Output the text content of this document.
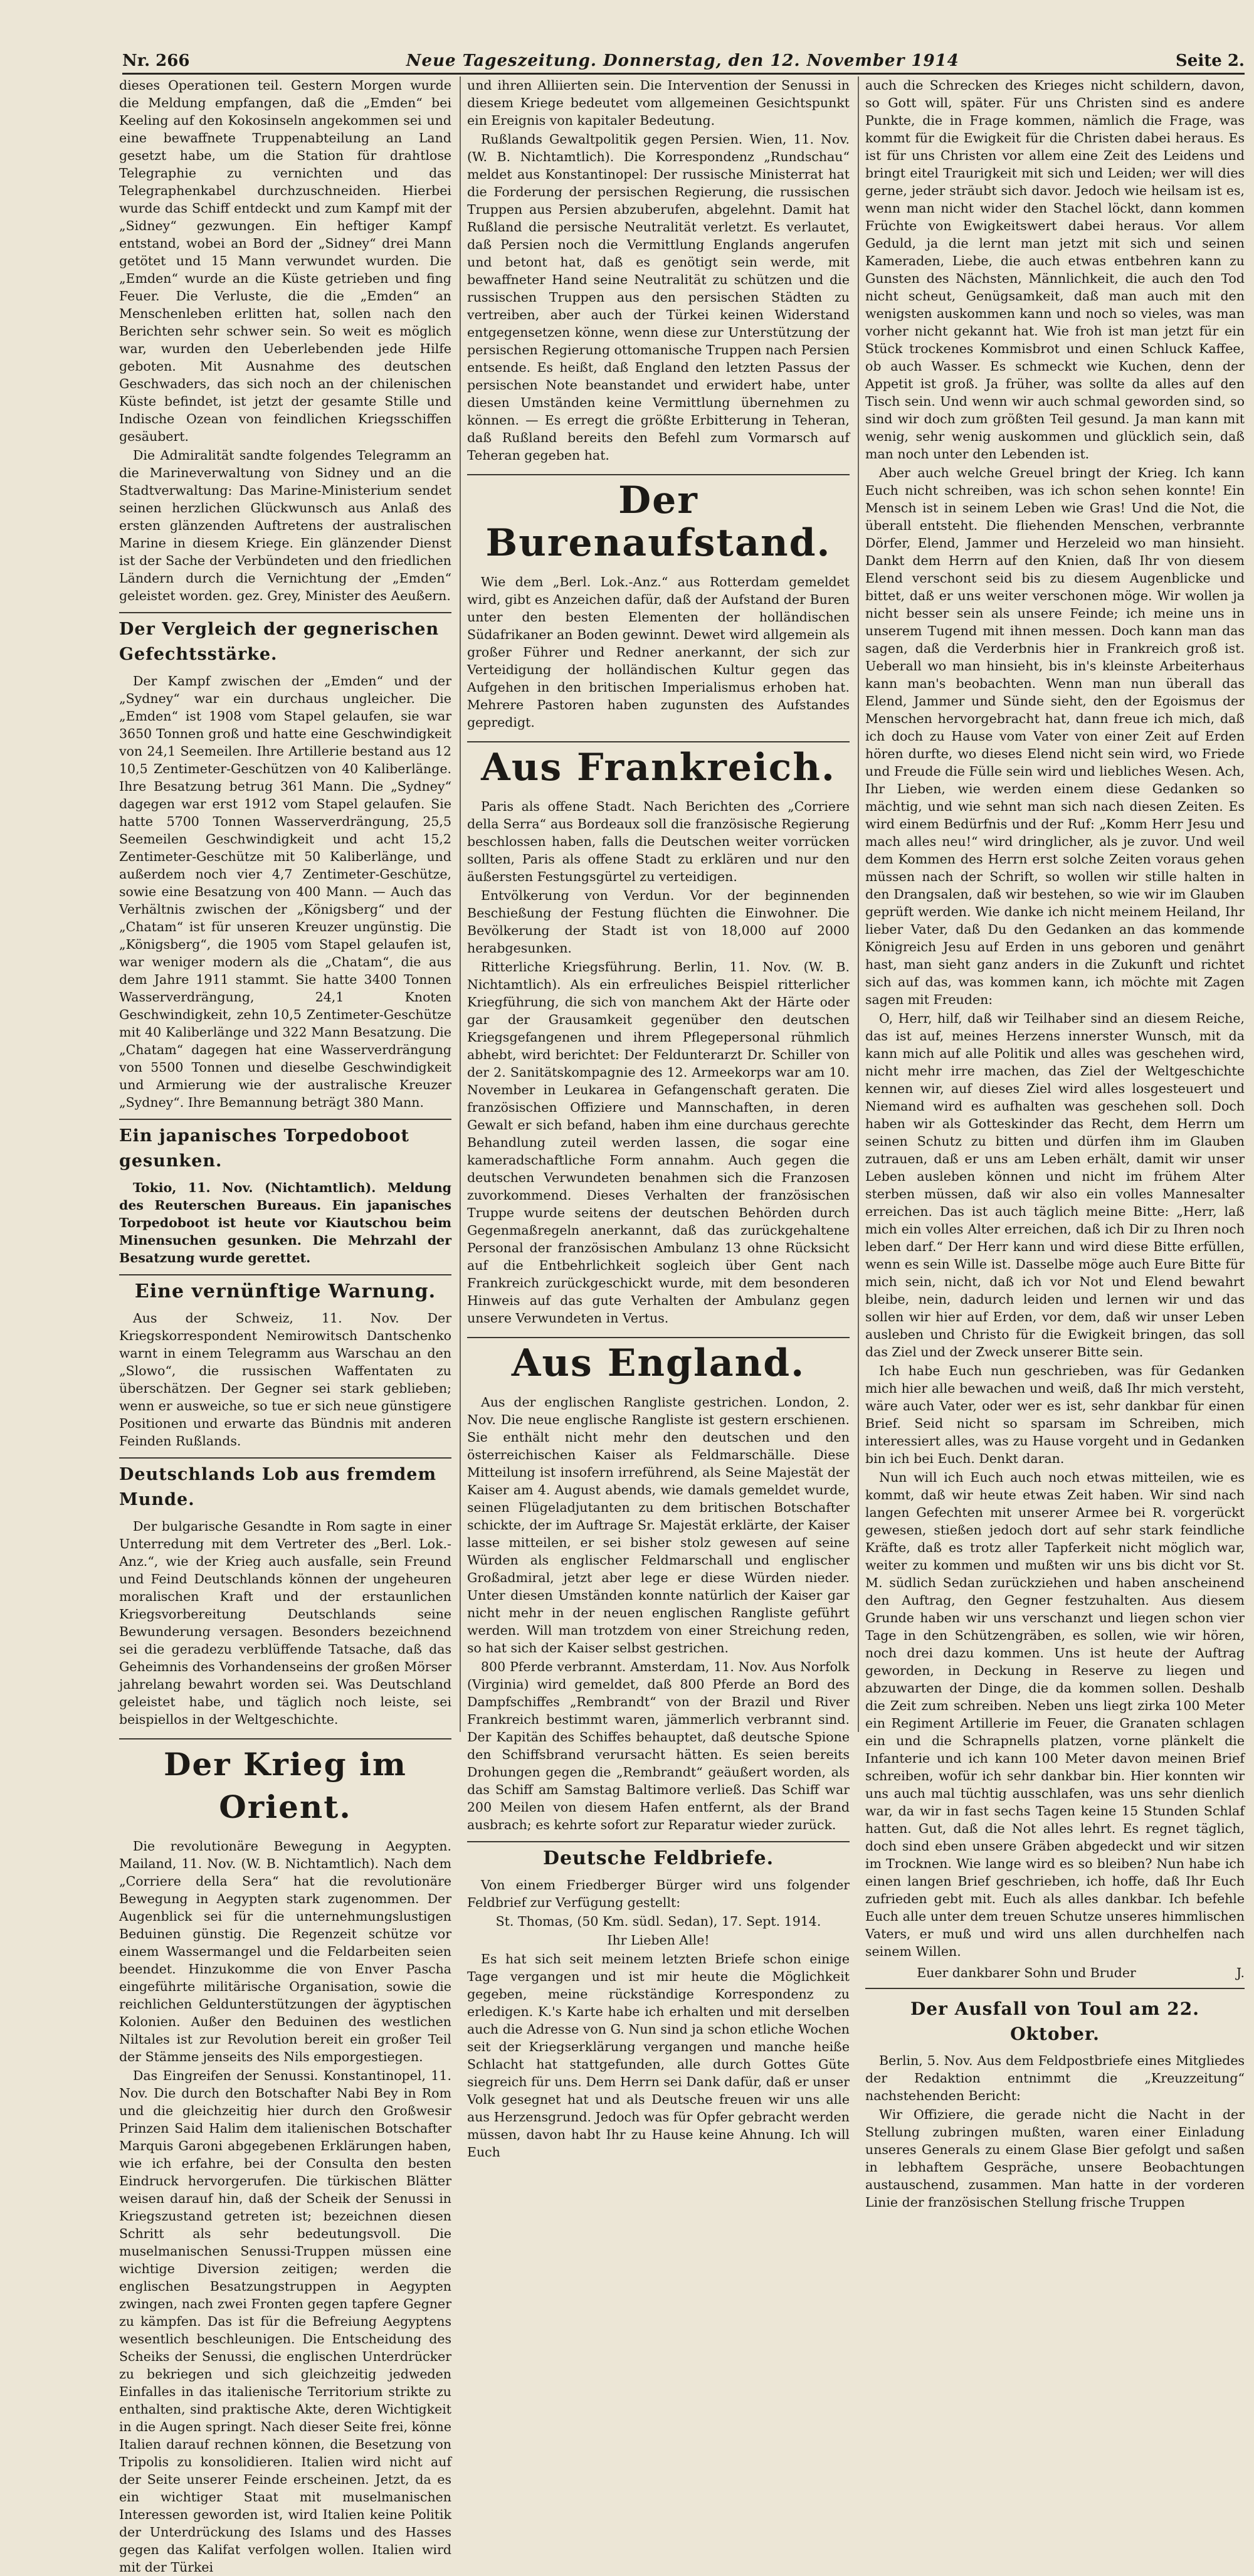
Nr. 266	Neue Tageszeitung. Donnerstag, den 12. November 1914	Seite 2.

dieses Operationen teil. Gestern Morgen wurde die Meldung empfangen, daß die „Emden“ bei Keeling auf den Kokosinseln angekommen sei und eine bewaffnete Truppenabteilung an Land gesetzt habe, um die Station für drahtlose Telegraphie zu vernichten und das Telegraphenkabel durchzuschneiden. Hierbei wurde das Schiff entdeckt und zum Kampf mit der „Sidney“ gezwungen. Ein heftiger Kampf entstand, wobei an Bord der „Sidney“ drei Mann getötet und 15 Mann verwundet wurden. Die „Emden“ wurde an die Küste getrieben und fing Feuer. Die Verluste, die die „Emden“ an Menschenleben erlitten hat, sollen nach den Berichten sehr schwer sein. So weit es möglich war, wurden den Ueberlebenden jede Hilfe geboten. Mit Ausnahme des deutschen Geschwaders, das sich noch an der chilenischen Küste befindet, ist jetzt der gesamte Stille und Indische Ozean von feindlichen Kriegsschiffen gesäubert.

Die Admiralität sandte folgendes Telegramm an die Marineverwaltung von Sidney und an die Stadtverwaltung: Das Marine-Ministerium sendet seinen herzlichen Glückwunsch aus Anlaß des ersten glänzenden Auftretens der australischen Marine in diesem Kriege. Ein glänzender Dienst ist der Sache der Verbündeten und den friedlichen Ländern durch die Vernichtung der „Emden“ geleistet worden. gez. Grey, Minister des Aeußern.

Der Vergleich der gegnerischen Gefechtsstärke.

Der Kampf zwischen der „Emden“ und der „Sydney“ war ein durchaus ungleicher. Die „Emden“ ist 1908 vom Stapel gelaufen, sie war 3650 Tonnen groß und hatte eine Geschwindigkeit von 24,1 Seemeilen. Ihre Artillerie bestand aus 12 10,5 Zentimeter-Geschützen von 40 Kaliberlänge. Ihre Besatzung betrug 361 Mann. Die „Sydney“ dagegen war erst 1912 vom Stapel gelaufen. Sie hatte 5700 Tonnen Wasserverdrängung, 25,5 Seemeilen Geschwindigkeit und acht 15,2 Zentimeter-Geschütze mit 50 Kaliberlänge, und außerdem noch vier 4,7 Zentimeter-Geschütze, sowie eine Besatzung von 400 Mann. — Auch das Verhältnis zwischen der „Königsberg“ und der „Chatam“ ist für unseren Kreuzer ungünstig. Die „Königsberg“, die 1905 vom Stapel gelaufen ist, war weniger modern als die „Chatam“, die aus dem Jahre 1911 stammt. Sie hatte 3400 Tonnen Wasserverdrängung, 24,1 Knoten Geschwindigkeit, zehn 10,5 Zentimeter-Geschütze mit 40 Kaliberlänge und 322 Mann Besatzung. Die „Chatam“ dagegen hat eine Wasserverdrängung von 5500 Tonnen und dieselbe Geschwindigkeit und Armierung wie der australische Kreuzer „Sydney“. Ihre Bemannung beträgt 380 Mann.

Ein japanisches Torpedoboot gesunken.

Tokio, 11. Nov. (Nichtamtlich). Meldung des Reuterschen Bureaus. Ein japanisches Torpedoboot ist heute vor Kiautschou beim Minensuchen gesunken. Die Mehrzahl der Besatzung wurde gerettet.

Eine vernünftige Warnung.

Aus der Schweiz, 11. Nov. Der Kriegskorrespondent Nemirowitsch Dantschenko warnt in einem Telegramm aus Warschau an den „Slowo“, die russischen Waffentaten zu überschätzen. Der Gegner sei stark geblieben; wenn er ausweiche, so tue er sich neue günstigere Positionen und erwarte das Bündnis mit anderen Feinden Rußlands.

Deutschlands Lob aus fremdem Munde.

Der bulgarische Gesandte in Rom sagte in einer Unterredung mit dem Vertreter des „Berl. Lok.-Anz.“, wie der Krieg auch ausfalle, sein Freund und Feind Deutschlands können der ungeheuren moralischen Kraft und der erstaunlichen Kriegsvorbereitung Deutschlands seine Bewunderung versagen. Besonders bezeichnend sei die geradezu verblüffende Tatsache, daß das Geheimnis des Vorhandenseins der großen Mörser jahrelang bewahrt worden sei. Was Deutschland geleistet habe, und täglich noch leiste, sei beispiellos in der Weltgeschichte.

Der Krieg im Orient.

Die revolutionäre Bewegung in Aegypten. Mailand, 11. Nov. (W. B. Nichtamtlich). Nach dem „Corriere della Sera“ hat die revolutionäre Bewegung in Aegypten stark zugenommen. Der Augenblick sei für die unternehmungslustigen Beduinen günstig. Die Regenzeit schütze vor einem Wassermangel und die Feldarbeiten seien beendet. Hinzukomme die von Enver Pascha eingeführte militärische Organisation, sowie die reichlichen Geldunterstützungen der ägyptischen Kolonien. Außer den Beduinen des westlichen Niltales ist zur Revolution bereit ein großer Teil der Stämme jenseits des Nils emporgestiegen.

Das Eingreifen der Senussi. Konstantinopel, 11. Nov. Die durch den Botschafter Nabi Bey in Rom und die gleichzeitig hier durch den Großwesir Prinzen Said Halim dem italienischen Botschafter Marquis Garoni abgegebenen Erklärungen haben, wie ich erfahre, bei der Consulta den besten Eindruck hervorgerufen. Die türkischen Blätter weisen darauf hin, daß der Scheik der Senussi in Kriegszustand getreten ist; bezeichnen diesen Schritt als sehr bedeutungsvoll. Die muselmanischen Senussi-Truppen müssen eine wichtige Diversion zeitigen; werden die englischen Besatzungstruppen in Aegypten zwingen, nach zwei Fronten gegen tapfere Gegner zu kämpfen. Das ist für die Befreiung Aegyptens wesentlich beschleunigen. Die Entscheidung des Scheiks der Senussi, die englischen Unterdrücker zu bekriegen und sich gleichzeitig jedweden Einfalles in das italienische Territorium strikte zu enthalten, sind praktische Akte, deren Wichtigkeit in die Augen springt. Nach dieser Seite frei, könne Italien darauf rechnen können, die Besetzung von Tripolis zu konsolidieren. Italien wird nicht auf der Seite unserer Feinde erscheinen. Jetzt, da es ein wichtiger Staat mit muselmanischen Interessen geworden ist, wird Italien keine Politik der Unterdrückung des Islams und des Hasses gegen das Kalifat verfolgen wollen. Italien wird mit der Türkei

und ihren Alliierten sein. Die Intervention der Senussi in diesem Kriege bedeutet vom allgemeinen Gesichtspunkt ein Ereignis von kapitaler Bedeutung.

Rußlands Gewaltpolitik gegen Persien. Wien, 11. Nov. (W. B. Nichtamtlich). Die Korrespondenz „Rundschau“ meldet aus Konstantinopel: Der russische Ministerrat hat die Forderung der persischen Regierung, die russischen Truppen aus Persien abzuberufen, abgelehnt. Damit hat Rußland die persische Neutralität verletzt. Es verlautet, daß Persien noch die Vermittlung Englands angerufen und betont hat, daß es genötigt sein werde, mit bewaffneter Hand seine Neutralität zu schützen und die russischen Truppen aus den persischen Städten zu vertreiben, aber auch der Türkei keinen Widerstand entgegensetzen könne, wenn diese zur Unterstützung der persischen Regierung ottomanische Truppen nach Persien entsende. Es heißt, daß England den letzten Passus der persischen Note beanstandet und erwidert habe, unter diesen Umständen keine Vermittlung übernehmen zu können. — Es erregt die größte Erbitterung in Teheran, daß Rußland bereits den Befehl zum Vormarsch auf Teheran gegeben hat.

Der Burenaufstand.

Wie dem „Berl. Lok.-Anz.“ aus Rotterdam gemeldet wird, gibt es Anzeichen dafür, daß der Aufstand der Buren unter den besten Elementen der holländischen Südafrikaner an Boden gewinnt. Dewet wird allgemein als großer Führer und Redner anerkannt, der sich zur Verteidigung der holländischen Kultur gegen das Aufgehen in den britischen Imperialismus erhoben hat. Mehrere Pastoren haben zugunsten des Aufstandes gepredigt.

Aus Frankreich.

Paris als offene Stadt. Nach Berichten des „Corriere della Serra“ aus Bordeaux soll die französische Regierung beschlossen haben, falls die Deutschen weiter vorrücken sollten, Paris als offene Stadt zu erklären und nur den äußersten Festungsgürtel zu verteidigen.

Entvölkerung von Verdun. Vor der beginnenden Beschießung der Festung flüchten die Einwohner. Die Bevölkerung der Stadt ist von 18,000 auf 2000 herabgesunken.

Ritterliche Kriegsführung. Berlin, 11. Nov. (W. B. Nichtamtlich). Als ein erfreuliches Beispiel ritterlicher Kriegführung, die sich von manchem Akt der Härte oder gar der Grausamkeit gegenüber den deutschen Kriegsgefangenen und ihrem Pflegepersonal rühmlich abhebt, wird berichtet: Der Feldunterarzt Dr. Schiller von der 2. Sanitätskompagnie des 12. Armeekorps war am 10. November in Leukarea in Gefangenschaft geraten. Die französischen Offiziere und Mannschaften, in deren Gewalt er sich befand, haben ihm eine durchaus gerechte Behandlung zuteil werden lassen, die sogar eine kameradschaftliche Form annahm. Auch gegen die deutschen Verwundeten benahmen sich die Franzosen zuvorkommend. Dieses Verhalten der französischen Truppe wurde seitens der deutschen Behörden durch Gegenmaßregeln anerkannt, daß das zurückgehaltene Personal der französischen Ambulanz 13 ohne Rücksicht auf die Entbehrlichkeit sogleich über Gent nach Frankreich zurückgeschickt wurde, mit dem besonderen Hinweis auf das gute Verhalten der Ambulanz gegen unsere Verwundeten in Vertus.

Aus England.

Aus der englischen Rangliste gestrichen. London, 2. Nov. Die neue englische Rangliste ist gestern erschienen. Sie enthält nicht mehr den deutschen und den österreichischen Kaiser als Feldmarschälle. Diese Mitteilung ist insofern irreführend, als Seine Majestät der Kaiser am 4. August abends, wie damals gemeldet wurde, seinen Flügeladjutanten zu dem britischen Botschafter schickte, der im Auftrage Sr. Majestät erklärte, der Kaiser lasse mitteilen, er sei bisher stolz gewesen auf seine Würden als englischer Feldmarschall und englischer Großadmiral, jetzt aber lege er diese Würden nieder. Unter diesen Umständen konnte natürlich der Kaiser gar nicht mehr in der neuen englischen Rangliste geführt werden. Will man trotzdem von einer Streichung reden, so hat sich der Kaiser selbst gestrichen.

800 Pferde verbrannt. Amsterdam, 11. Nov. Aus Norfolk (Virginia) wird gemeldet, daß 800 Pferde an Bord des Dampfschiffes „Rembrandt“ von der Brazil und River Frankreich bestimmt waren, jämmerlich verbrannt sind. Der Kapitän des Schiffes behauptet, daß deutsche Spione den Schiffsbrand verursacht hätten. Es seien bereits Drohungen gegen die „Rembrandt“ geäußert worden, als das Schiff am Samstag Baltimore verließ. Das Schiff war 200 Meilen von diesem Hafen entfernt, als der Brand ausbrach; es kehrte sofort zur Reparatur wieder zurück.

Deutsche Feldbriefe.

Von einem Friedberger Bürger wird uns folgender Feldbrief zur Verfügung gestellt:

St. Thomas, (50 Km. südl. Sedan), 17. Sept. 1914.

Ihr Lieben Alle!

Es hat sich seit meinem letzten Briefe schon einige Tage vergangen und ist mir heute die Möglichkeit gegeben, meine rückständige Korrespondenz zu erledigen. K.'s Karte habe ich erhalten und mit derselben auch die Adresse von G. Nun sind ja schon etliche Wochen seit der Kriegserklärung vergangen und manche heiße Schlacht hat stattgefunden, alle durch Gottes Güte siegreich für uns. Dem Herrn sei Dank dafür, daß er unser Volk gesegnet hat und als Deutsche freuen wir uns alle aus Herzensgrund. Jedoch was für Opfer gebracht werden müssen, davon habt Ihr zu Hause keine Ahnung. Ich will Euch

auch die Schrecken des Krieges nicht schildern, davon, so Gott will, später. Für uns Christen sind es andere Punkte, die in Frage kommen, nämlich die Frage, was kommt für die Ewigkeit für die Christen dabei heraus. Es ist für uns Christen vor allem eine Zeit des Leidens und bringt eitel Traurigkeit mit sich und Leiden; wer will dies gerne, jeder sträubt sich davor. Jedoch wie heilsam ist es, wenn man nicht wider den Stachel löckt, dann kommen Früchte von Ewigkeitswert dabei heraus. Vor allem Geduld, ja die lernt man jetzt mit sich und seinen Kameraden, Liebe, die auch etwas entbehren kann zu Gunsten des Nächsten, Männlichkeit, die auch den Tod nicht scheut, Genügsamkeit, daß man auch mit den wenigsten auskommen kann und noch so vieles, was man vorher nicht gekannt hat. Wie froh ist man jetzt für ein Stück trockenes Kommisbrot und einen Schluck Kaffee, ob auch Wasser. Es schmeckt wie Kuchen, denn der Appetit ist groß. Ja früher, was sollte da alles auf den Tisch sein. Und wenn wir auch schmal geworden sind, so sind wir doch zum größten Teil gesund. Ja man kann mit wenig, sehr wenig auskommen und glücklich sein, daß man noch unter den Lebenden ist.

Aber auch welche Greuel bringt der Krieg. Ich kann Euch nicht schreiben, was ich schon sehen konnte! Ein Mensch ist in seinem Leben wie Gras! Und die Not, die überall entsteht. Die fliehenden Menschen, verbrannte Dörfer, Elend, Jammer und Herzeleid wo man hinsieht. Dankt dem Herrn auf den Knien, daß Ihr von diesem Elend verschont seid bis zu diesem Augenblicke und bittet, daß er uns weiter verschonen möge. Wir wollen ja nicht besser sein als unsere Feinde; ich meine uns in unserem Tugend mit ihnen messen. Doch kann man das sagen, daß die Verderbnis hier in Frankreich groß ist. Ueberall wo man hinsieht, bis in's kleinste Arbeiterhaus kann man's beobachten. Wenn man nun überall das Elend, Jammer und Sünde sieht, den der Egoismus der Menschen hervorgebracht hat, dann freue ich mich, daß ich doch zu Hause vom Vater von einer Zeit auf Erden hören durfte, wo dieses Elend nicht sein wird, wo Friede und Freude die Fülle sein wird und liebliches Wesen. Ach, Ihr Lieben, wie werden einem diese Gedanken so mächtig, und wie sehnt man sich nach diesen Zeiten. Es wird einem Bedürfnis und der Ruf: „Komm Herr Jesu und mach alles neu!“ wird dringlicher, als je zuvor. Und weil dem Kommen des Herrn erst solche Zeiten voraus gehen müssen nach der Schrift, so wollen wir stille halten in den Drangsalen, daß wir bestehen, so wie wir im Glauben geprüft werden. Wie danke ich nicht meinem Heiland, Ihr lieber Vater, daß Du den Gedanken an das kommende Königreich Jesu auf Erden in uns geboren und genährt hast, man sieht ganz anders in die Zukunft und richtet sich auf das, was kommen kann, ich möchte mit Zagen sagen mit Freuden:

O, Herr, hilf, daß wir Teilhaber sind an diesem Reiche, das ist auf, meines Herzens innerster Wunsch, mit da kann mich auf alle Politik und alles was geschehen wird, nicht mehr irre machen, das Ziel der Weltgeschichte kennen wir, auf dieses Ziel wird alles losgesteuert und Niemand wird es aufhalten was geschehen soll. Doch haben wir als Gotteskinder das Recht, dem Herrn um seinen Schutz zu bitten und dürfen ihm im Glauben zutrauen, daß er uns am Leben erhält, damit wir unser Leben ausleben können und nicht im frühem Alter sterben müssen, daß wir also ein volles Mannesalter erreichen. Das ist auch täglich meine Bitte: „Herr, laß mich ein volles Alter erreichen, daß ich Dir zu Ihren noch leben darf.“ Der Herr kann und wird diese Bitte erfüllen, wenn es sein Wille ist. Dasselbe möge auch Eure Bitte für mich sein, nicht, daß ich vor Not und Elend bewahrt bleibe, nein, dadurch leiden und lernen wir und das sollen wir hier auf Erden, vor dem, daß wir unser Leben ausleben und Christo für die Ewigkeit bringen, das soll das Ziel und der Zweck unserer Bitte sein.

Ich habe Euch nun geschrieben, was für Gedanken mich hier alle bewachen und weiß, daß Ihr mich versteht, wäre auch Vater, oder wer es ist, sehr dankbar für einen Brief. Seid nicht so sparsam im Schreiben, mich interessiert alles, was zu Hause vorgeht und in Gedanken bin ich bei Euch. Denkt daran.

Nun will ich Euch auch noch etwas mitteilen, wie es kommt, daß wir heute etwas Zeit haben. Wir sind nach langen Gefechten mit unserer Armee bei R. vorgerückt gewesen, stießen jedoch dort auf sehr stark feindliche Kräfte, daß es trotz aller Tapferkeit nicht möglich war, weiter zu kommen und mußten wir uns bis dicht vor St. M. südlich Sedan zurückziehen und haben anscheinend den Auftrag, den Gegner festzuhalten. Aus diesem Grunde haben wir uns verschanzt und liegen schon vier Tage in den Schützengräben, es sollen, wie wir hören, noch drei dazu kommen. Uns ist heute der Auftrag geworden, in Deckung in Reserve zu liegen und abzuwarten der Dinge, die da kommen sollen. Deshalb die Zeit zum schreiben. Neben uns liegt zirka 100 Meter ein Regiment Artillerie im Feuer, die Granaten schlagen ein und die Schrapnells platzen, vorne plänkelt die Infanterie und ich kann 100 Meter davon meinen Brief schreiben, wofür ich sehr dankbar bin. Hier konnten wir uns auch mal tüchtig ausschlafen, was uns sehr dienlich war, da wir in fast sechs Tagen keine 15 Stunden Schlaf hatten. Gut, daß die Not alles lehrt. Es regnet täglich, doch sind eben unsere Gräben abgedeckt und wir sitzen im Trocknen. Wie lange wird es so bleiben? Nun habe ich einen langen Brief geschrieben, ich hoffe, daß Ihr Euch zufrieden gebt mit. Euch als alles dankbar. Ich befehle Euch alle unter dem treuen Schutze unseres himmlischen Vaters, er muß und wird uns allen durchhelfen nach seinem Willen.

Euer dankbarer Sohn und Bruder	J.

Der Ausfall von Toul am 22. Oktober.

Berlin, 5. Nov. Aus dem Feldpostbriefe eines Mitgliedes der Redaktion entnimmt die „Kreuzzeitung“ nachstehenden Bericht:

Wir Offiziere, die gerade nicht die Nacht in der Stellung zubringen mußten, waren einer Einladung unseres Generals zu einem Glase Bier gefolgt und saßen in lebhaftem Gespräche, unsere Beobachtungen austauschend, zusammen. Man hatte in der vorderen Linie der französischen Stellung frische Truppen
